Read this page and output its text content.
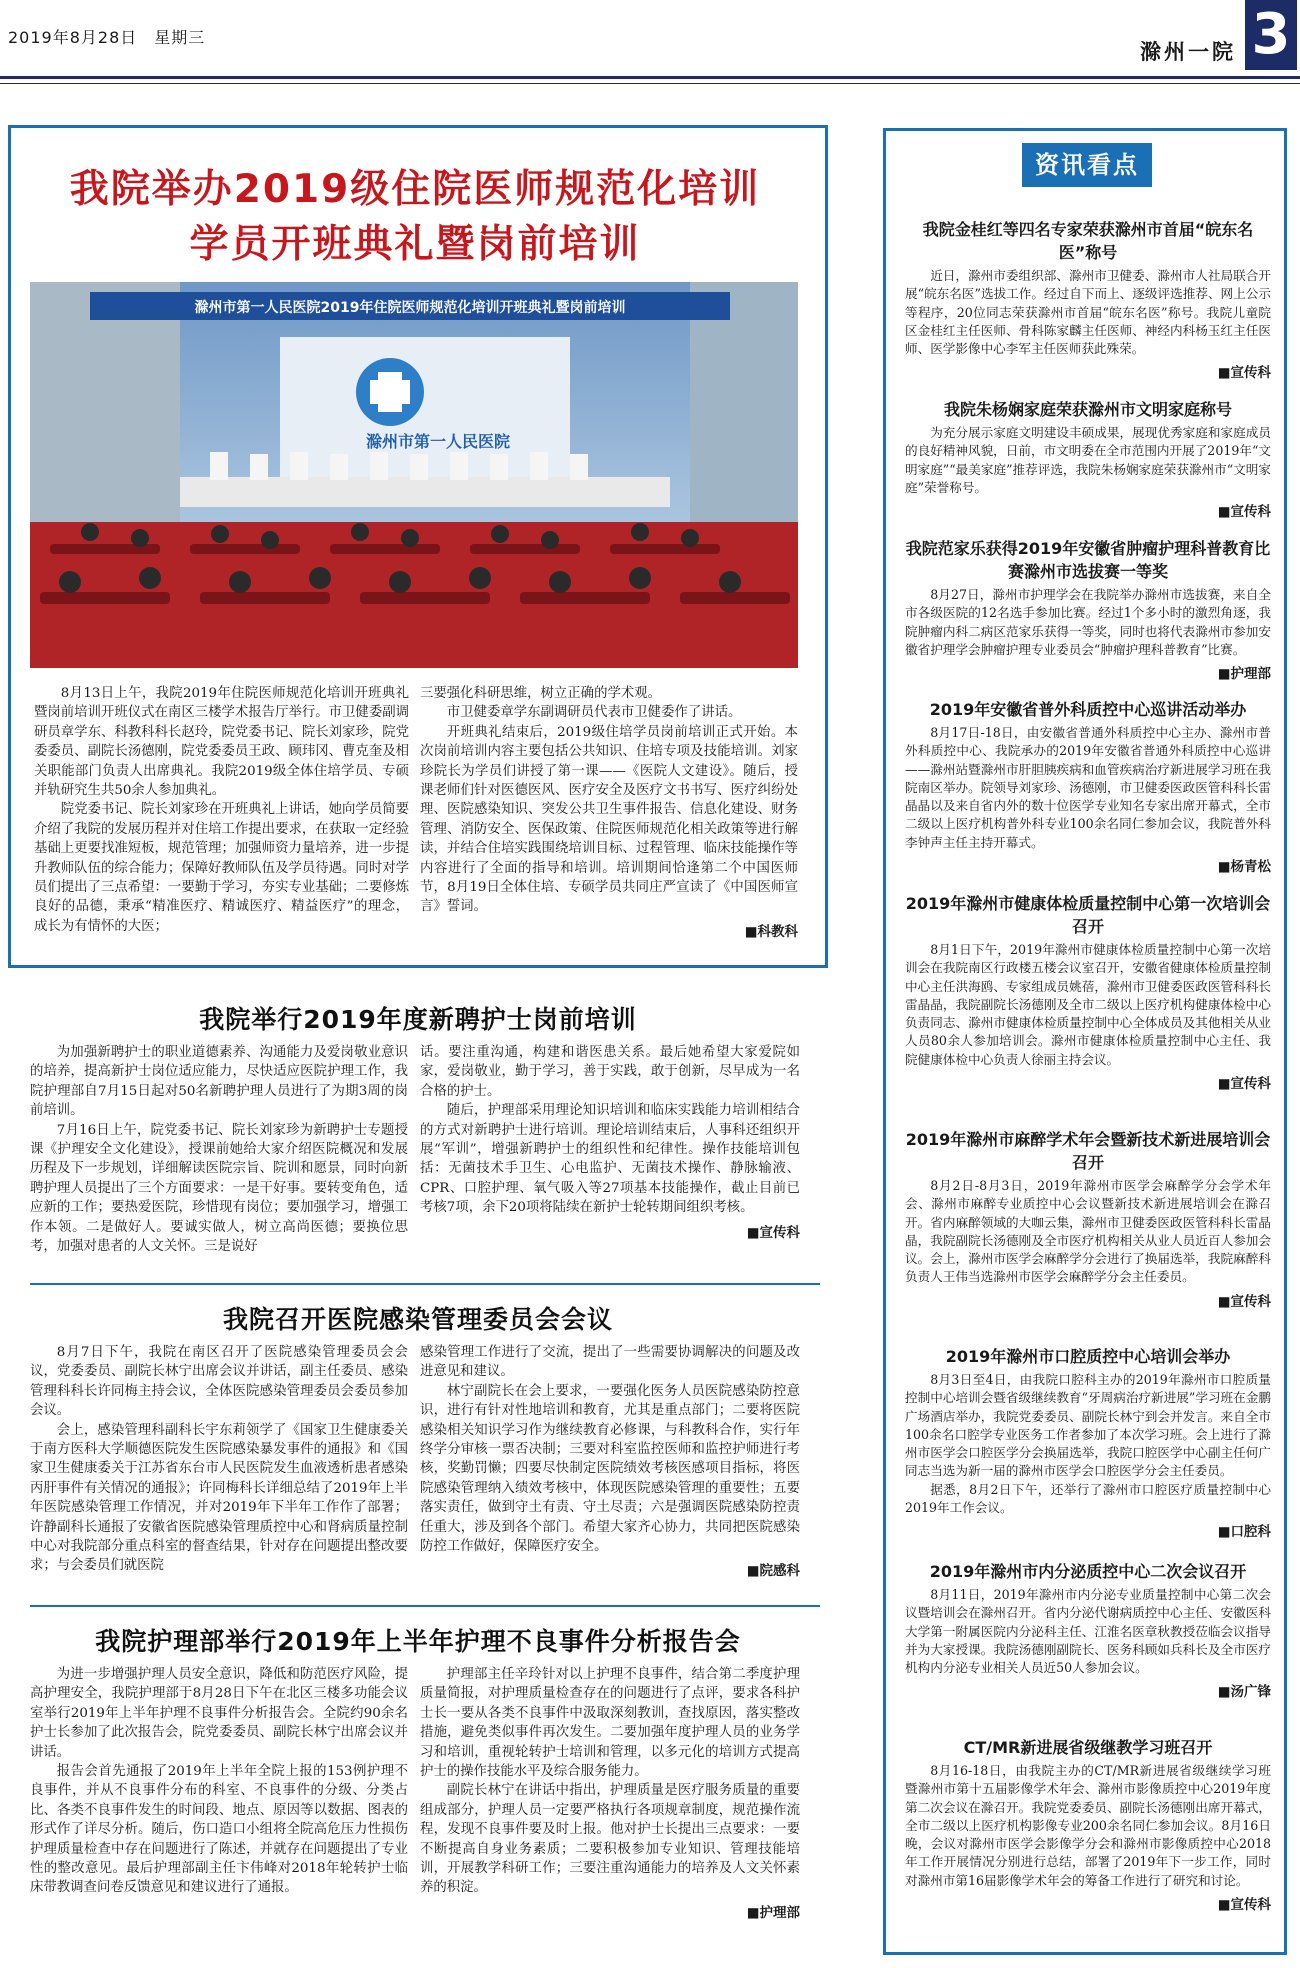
2019年8月28日　星期三
滁州一院 3
我院举办2019级住院医师规范化培训
学员开班典礼暨岗前培训
滁州市第一人民医院2019年住院医师规范化培训开班典礼暨岗前培训
滁州市第一人民医院

8月13日上午，我院2019年住院医师规范化培训开班典礼暨岗前培训开班仪式在南区三楼学术报告厅举行。市卫健委副调研员章学东、科教科科长赵玲，院党委书记、院长刘家珍，院党委委员、副院长汤德刚，院党委委员王政、顾玮冈、曹克奎及相关职能部门负责人出席典礼。我院2019级全体住培学员、专硕并轨研究生共50余人参加典礼。

院党委书记、院长刘家珍在开班典礼上讲话，她向学员简要介绍了我院的发展历程并对住培工作提出要求，在获取一定经验基础上更要找准短板，规范管理；加强师资力量培养，进一步提升教师队伍的综合能力；保障好教师队伍及学员待遇。同时对学员们提出了三点希望：一要勤于学习，夯实专业基础；二要修炼良好的品德，秉承“精准医疗、精诚医疗、精益医疗”的理念，成长为有情怀的大医；

三要强化科研思维，树立正确的学术观。

市卫健委章学东副调研员代表市卫健委作了讲话。

开班典礼结束后，2019级住培学员岗前培训正式开始。本次岗前培训内容主要包括公共知识、住培专项及技能培训。刘家珍院长为学员们讲授了第一课——《医院人文建设》。随后，授课老师们针对医德医风、医疗安全及医疗文书书写、医疗纠纷处理、医院感染知识、突发公共卫生事件报告、信息化建设、财务管理、消防安全、医保政策、住院医师规范化相关政策等进行解读，并结合住培实践围绕培训目标、过程管理、临床技能操作等内容进行了全面的指导和培训。培训期间恰逢第二个中国医师节，8月19日全体住培、专硕学员共同庄严宣读了《中国医师宣言》誓词。

■ 科教科
我院举行2019年度新聘护士岗前培训

为加强新聘护士的职业道德素养、沟通能力及爱岗敬业意识的培养，提高新护士岗位适应能力，尽快适应医院护理工作，我院护理部自7月15日起对50名新聘护理人员进行了为期3周的岗前培训。

7月16日上午，院党委书记、院长刘家珍为新聘护士专题授课《护理安全文化建设》，授课前她给大家介绍医院概况和发展历程及下一步规划，详细解读医院宗旨、院训和愿景，同时向新聘护理人员提出了三个方面要求：一是干好事。要转变角色，适应新的工作；要热爱医院，珍惜现有岗位；要加强学习，增强工作本领。二是做好人。要诚实做人，树立高尚医德；要换位思考，加强对患者的人文关怀。三是说好

话。要注重沟通，构建和谐医患关系。最后她希望大家爱院如家，爱岗敬业，勤于学习，善于实践，敢于创新，尽早成为一名合格的护士。

随后，护理部采用理论知识培训和临床实践能力培训相结合的方式对新聘护士进行培训。理论培训结束后，人事科还组织开展“军训”，增强新聘护士的组织性和纪律性。操作技能培训包括：无菌技术手卫生、心电监护、无菌技术操作、静脉输液、CPR、口腔护理、氧气吸入等27项基本技能操作，截止目前已考核7项，余下20项将陆续在新护士轮转期间组织考核。

■ 宣传科
我院召开医院感染管理委员会会议

8月7日下午，我院在南区召开了医院感染管理委员会会议，党委委员、副院长林宁出席会议并讲话，副主任委员、感染管理科科长许同梅主持会议，全体医院感染管理委员会委员参加会议。

会上，感染管理科副科长宇东莉领学了《国家卫生健康委关于南方医科大学顺德医院发生医院感染暴发事件的通报》和《国家卫生健康委关于江苏省东台市人民医院发生血液透析患者感染丙肝事件有关情况的通报》；许同梅科长详细总结了2019年上半年医院感染管理工作情况，并对2019年下半年工作作了部署；许静副科长通报了安徽省医院感染管理质控中心和肾病质量控制中心对我院部分重点科室的督查结果，针对存在问题提出整改要求；与会委员们就医院

感染管理工作进行了交流，提出了一些需要协调解决的问题及改进意见和建议。

林宁副院长在会上要求，一要强化医务人员医院感染防控意识，进行有针对性地培训和教育，尤其是重点部门；二要将医院感染相关知识学习作为继续教育必修课，与科教科合作，实行年终学分审核一票否决制；三要对科室监控医师和监控护师进行考核，奖勤罚懒；四要尽快制定医院绩效考核医感项目指标，将医院感染管理纳入绩效考核中，体现医院感染管理的重要性；五要落实责任，做到守土有责、守土尽责；六是强调医院感染防控责任重大，涉及到各个部门。希望大家齐心协力，共同把医院感染防控工作做好，保障医疗安全。

■ 院感科
我院护理部举行2019年上半年护理不良事件分析报告会

为进一步增强护理人员安全意识，降低和防范医疗风险，提高护理安全，我院护理部于8月28日下午在北区三楼多功能会议室举行2019年上半年护理不良事件分析报告会。全院约90余名护士长参加了此次报告会，院党委委员、副院长林宁出席会议并讲话。

报告会首先通报了2019年上半年全院上报的153例护理不良事件，并从不良事件分布的科室、不良事件的分级、分类占比、各类不良事件发生的时间段、地点、原因等以数据、图表的形式作了详尽分析。随后，伤口造口小组将全院高危压力性损伤护理质量检查中存在问题进行了陈述，并就存在问题提出了专业性的整改意见。最后护理部副主任卞伟峰对2018年轮转护士临床带教调查问卷反馈意见和建议进行了通报。

护理部主任辛玲针对以上护理不良事件，结合第二季度护理质量简报，对护理质量检查存在的问题进行了点评，要求各科护士长一要从各类不良事件中汲取深刻教训，查找原因，落实整改措施，避免类似事件再次发生。二要加强年度护理人员的业务学习和培训，重视轮转护士培训和管理，以多元化的培训方式提高护士的操作技能水平及综合服务能力。

副院长林宁在讲话中指出，护理质量是医疗服务质量的重要组成部分，护理人员一定要严格执行各项规章制度，规范操作流程，发现不良事件要及时上报。他对护士长提出三点要求：一要不断提高自身业务素质；二要积极参加专业知识、管理技能培训，开展教学科研工作；三要注重沟通能力的培养及人文关怀素养的积淀。

■ 护理部
资讯看点
我院金桂红等四名专家荣获滁州市首届“皖东名医”称号

近日，滁州市委组织部、滁州市卫健委、滁州市人社局联合开展“皖东名医”选拔工作。经过自下而上、逐级评选推荐、网上公示等程序，20位同志荣获滁州市首届“皖东名医”称号。我院儿童院区金桂红主任医师、骨科陈家麟主任医师、神经内科杨玉红主任医师、医学影像中心李军主任医师获此殊荣。

■ 宣传科
我院朱杨娴家庭荣获滁州市文明家庭称号

为充分展示家庭文明建设丰硕成果，展现优秀家庭和家庭成员的良好精神风貌，日前，市文明委在全市范围内开展了2019年“文明家庭”“最美家庭”推荐评选，我院朱杨娴家庭荣获滁州市“文明家庭”荣誉称号。

■ 宣传科
我院范家乐获得2019年安徽省肿瘤护理科普教育比赛滁州市选拔赛一等奖

8月27日，滁州市护理学会在我院举办滁州市选拔赛，来自全市各级医院的12名选手参加比赛。经过1个多小时的激烈角逐，我院肿瘤内科二病区范家乐获得一等奖，同时也将代表滁州市参加安徽省护理学会肿瘤护理专业委员会“肿瘤护理科普教育”比赛。

■ 护理部
2019年安徽省普外科质控中心巡讲活动举办

8月17日-18日，由安徽省普通外科质控中心主办、滁州市普外科质控中心、我院承办的2019年安徽省普通外科质控中心巡讲——滁州站暨滁州市肝胆胰疾病和血管疾病治疗新进展学习班在我院南区举办。院领导刘家珍、汤德刚，市卫健委医政医管科科长雷晶晶以及来自省内外的数十位医学专业知名专家出席开幕式，全市二级以上医疗机构普外科专业100余名同仁参加会议，我院普外科李钟声主任主持开幕式。

■ 杨青松
2019年滁州市健康体检质量控制中心第一次培训会召开

8月1日下午，2019年滁州市健康体检质量控制中心第一次培训会在我院南区行政楼五楼会议室召开，安徽省健康体检质量控制中心主任洪海鸥、专家组成员姚蓓，滁州市卫健委医政医管科科长雷晶晶，我院副院长汤德刚及全市二级以上医疗机构健康体检中心负责同志、滁州市健康体检质量控制中心全体成员及其他相关从业人员80余人参加培训会。滁州市健康体检质量控制中心主任、我院健康体检中心负责人徐丽主持会议。

■ 宣传科
2019年滁州市麻醉学术年会暨新技术新进展培训会召开

8月2日-8月3日，2019年滁州市医学会麻醉学分会学术年会、滁州市麻醉专业质控中心会议暨新技术新进展培训会在滁召开。省内麻醉领域的大咖云集，滁州市卫健委医政医管科科长雷晶晶，我院副院长汤德刚及全市医疗机构相关从业人员近百人参加会议。会上，滁州市医学会麻醉学分会进行了换届选举，我院麻醉科负责人王伟当选滁州市医学会麻醉学分会主任委员。

■ 宣传科
2019年滁州市口腔质控中心培训会举办

8月3日至4日，由我院口腔科主办的2019年滁州市口腔质量控制中心培训会暨省级继续教育“牙周病治疗新进展”学习班在金鹏广场酒店举办，我院党委委员、副院长林宁到会并发言。来自全市100余名口腔学专业医务工作者参加了本次学习班。会上进行了滁州市医学会口腔医学分会换届选举，我院口腔医学中心副主任何广同志当选为新一届的滁州市医学会口腔医学分会主任委员。

据悉，8月2日下午，还举行了滁州市口腔医疗质量控制中心2019年工作会议。

■ 口腔科
2019年滁州市内分泌质控中心二次会议召开

8月11日，2019年滁州市内分泌专业质量控制中心第二次会议暨培训会在滁州召开。省内分泌代谢病质控中心主任、安徽医科大学第一附属医院内分泌科主任、江淮名医章秋教授莅临会议指导并为大家授课。我院汤德刚副院长、医务科顾如兵科长及全市医疗机构内分泌专业相关人员近50人参加会议。

■ 汤广锋
CT/MR新进展省级继教学习班召开

8月16-18日，由我院主办的CT/MR新进展省级继续学习班暨滁州市第十五届影像学术年会、滁州市影像质控中心2019年度第二次会议在滁召开。我院党委委员、副院长汤德刚出席开幕式，全市二级以上医疗机构影像专业200余名同仁参加会议。8月16日晚，会议对滁州市医学会影像学分会和滁州市影像质控中心2018年工作开展情况分别进行总结，部署了2019年下一步工作，同时对滁州市第16届影像学术年会的筹备工作进行了研究和讨论。

■ 宣传科
